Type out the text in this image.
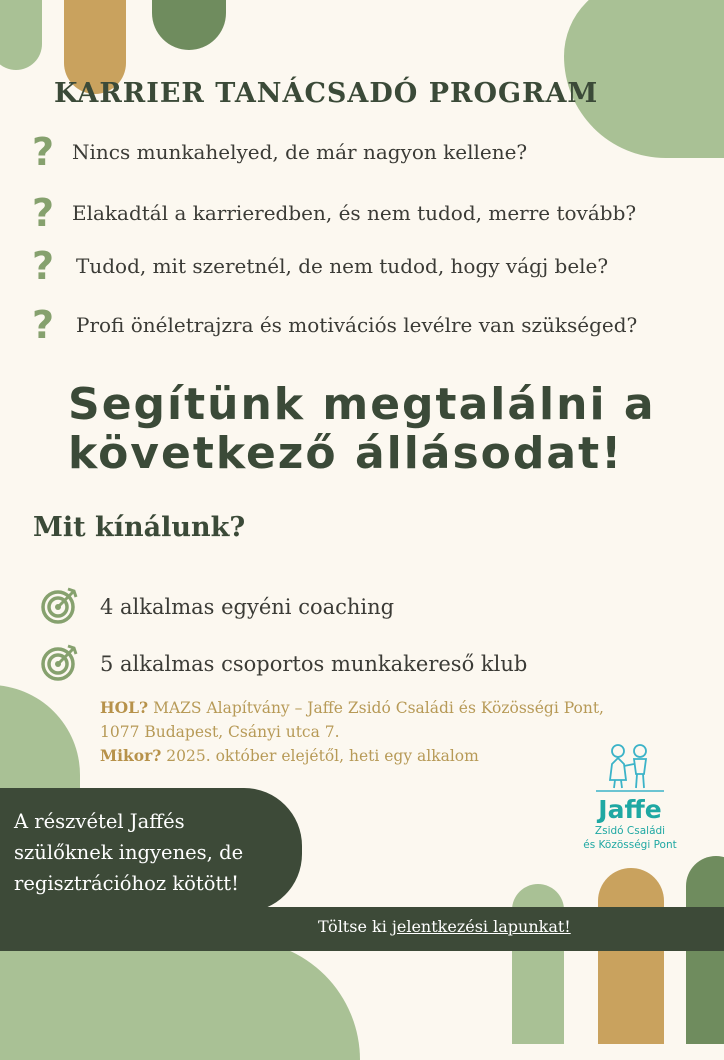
KARRIER TANÁCSADÓ PROGRAM
? Nincs munkahelyed, de már nagyon kellene?
? Elakadtál a karrieredben, és nem tudod, merre tovább?
?	Tudod, mit szeretnél, de nem tudod, hogy vágj bele?
?	Profi önéletrajzra és motivációs levélre van szükséged?
Segítünk megtalálni a
következő állásodat!
Mit kínálunk?
4 alkalmas egyéni coaching
5 alkalmas csoportos munkakereső klub
HOL? MAZS Alapítvány – Jaffe Zsidó Családi és Közösségi Pont,
1077 Budapest, Csányi utca 7.
Mikor? 2025. október elejétől, heti egy alkalom
A részvétel Jaffés
szülőknek ingyenes, de
regisztrációhoz kötött!
Töltse ki jelentkezési lapunkat!
Jaffe
Zsidó Családi
és Közösségi Pont
